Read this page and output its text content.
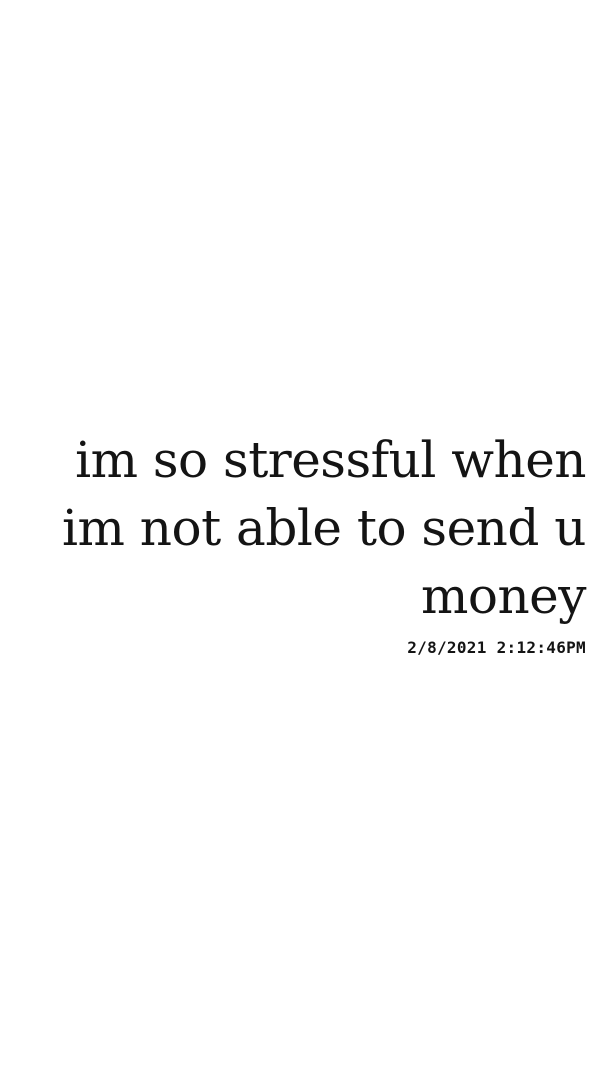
im so stressful when
im not able to send u
money
2/8/2021 2:12:46PM
